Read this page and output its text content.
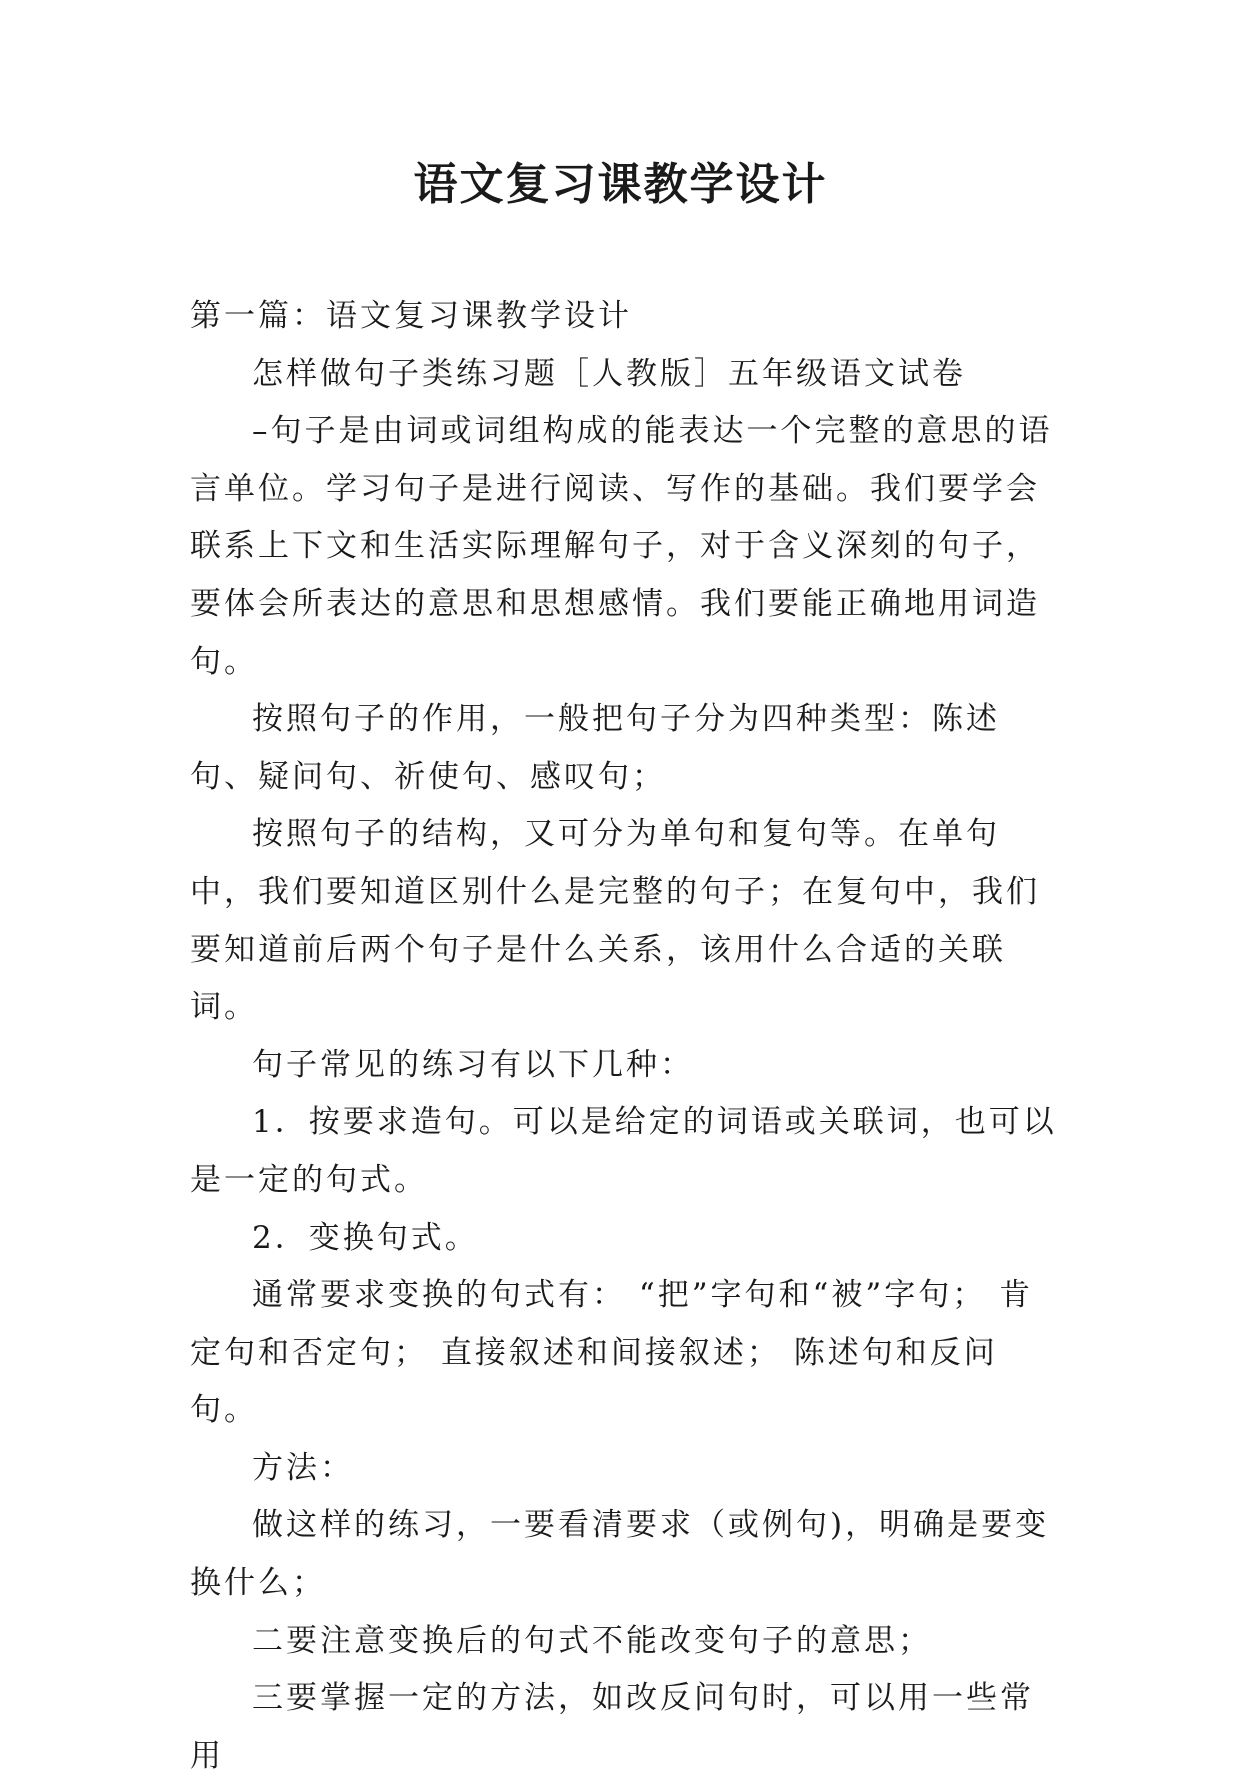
语文复习课教学设计

第一篇：语文复习课教学设计

怎样做句子类练习题［人教版］五年级语文试卷

–句子是由词或词组构成的能表达一个完整的意思的语言单位。学习句子是进行阅读、写作的基础。我们要学会联系上下文和生活实际理解句子，对于含义深刻的句子，要体会所表达的意思和思想感情。我们要能正确地用词造句。

按照句子的作用，一般把句子分为四种类型：陈述句、疑问句、祈使句、感叹句；

按照句子的结构，又可分为单句和复句等。在单句中，我们要知道区别什么是完整的句子；在复句中，我们要知道前后两个句子是什么关系，该用什么合适的关联词。

句子常见的练习有以下几种：

1．按要求造句。可以是给定的词语或关联词，也可以是一定的句式。

2．变换句式。

通常要求变换的句式有： “把”字句和“被”字句； 肯定句和否定句； 直接叙述和间接叙述； 陈述句和反问句。

方法：

做这样的练习，一要看清要求（或例句)，明确是要变换什么；

二要注意变换后的句式不能改变句子的意思；

三要掌握一定的方法，如改反问句时，可以用一些常用
